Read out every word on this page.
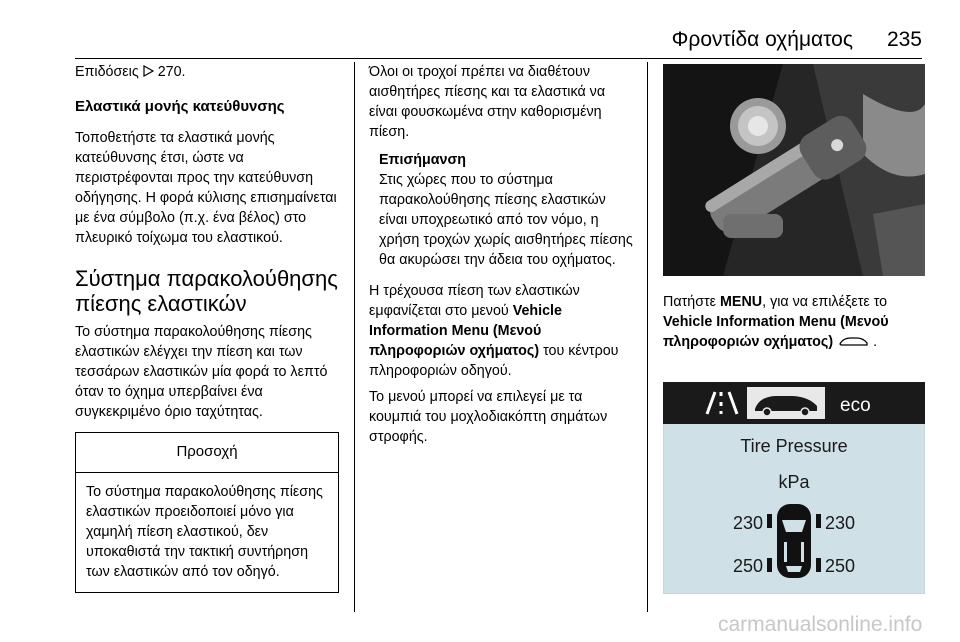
Φροντίδα οχήματος 235

Επιδόσεις  270.

Ελαστικά μονής κατεύθυνσης

Τοποθετήστε τα ελαστικά μονής κατεύθυνσης έτσι, ώστε να περιστρέφονται προς την κατεύθυνση οδήγησης. Η φορά κύλισης επισημαίνεται με ένα σύμβολο (π.χ. ένα βέλος) στο πλευρικό τοίχωμα του ελαστικού.

Σύστημα παρακολούθησης πίεσης ελαστικών

Το σύστημα παρακολούθησης πίεσης ελαστικών ελέγχει την πίεση και των τεσσάρων ελαστικών μία φορά το λεπτό όταν το όχημα υπερβαίνει ένα συγκεκριμένο όριο ταχύτητας.

Προσοχή
Το σύστημα παρακολούθησης πίεσης ελαστικών προειδοποιεί μόνο για χαμηλή πίεση ελαστικού, δεν υποκαθιστά την τακτική συντήρηση των ελαστικών από τον οδηγό.

Όλοι οι τροχοί πρέπει να διαθέτουν αισθητήρες πίεσης και τα ελαστικά να είναι φουσκωμένα στην καθορισμένη πίεση.

Επισήμανση

Στις χώρες που το σύστημα παρακολούθησης πίεσης ελαστικών είναι υποχρεωτικό από τον νόμο, η χρήση τροχών χωρίς αισθητήρες πίεσης θα ακυρώσει την άδεια του οχήματος.

Η τρέχουσα πίεση των ελαστικών εμφανίζεται στο μενού Vehicle Information Menu (Μενού πληροφοριών οχήματος) του κέντρου πληροφοριών οδηγού.

Το μενού μπορεί να επιλεγεί με τα κουμπιά του μοχλοδιακόπτη σημάτων στροφής.

Πατήστε MENU, για να επιλέξετε το Vehicle Information Menu (Μενού πληροφοριών οχήματος)	.

eco
Tire Pressure
kPa
230	230
250	250
carmanualsonline.info
